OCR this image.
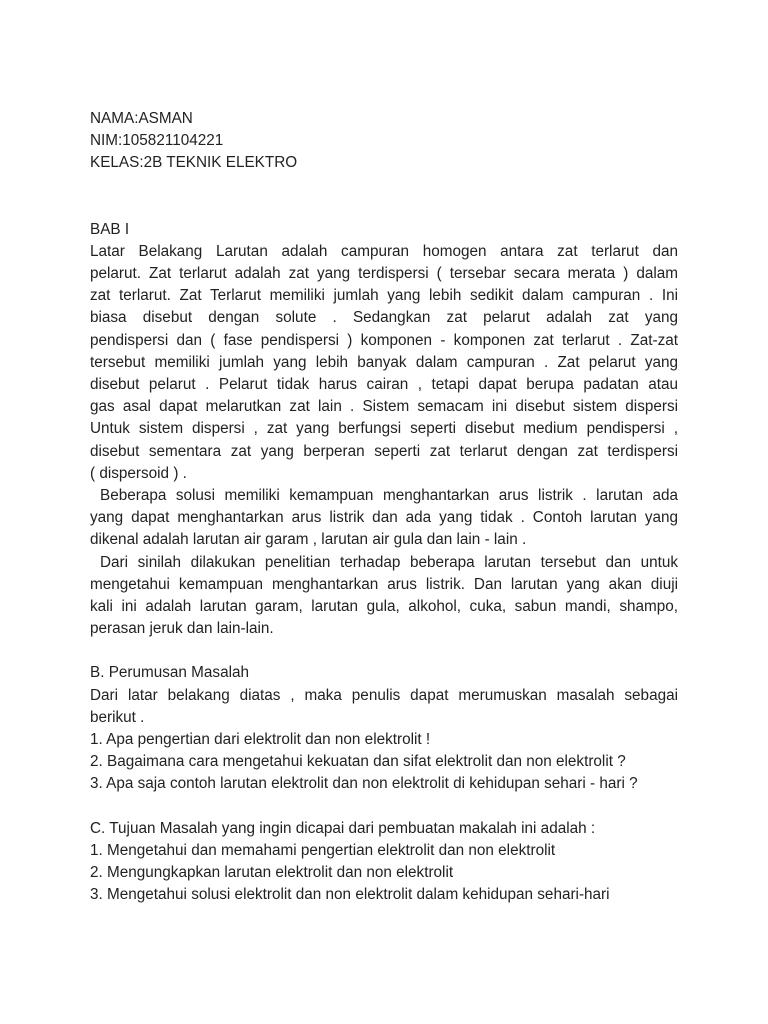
NAMA:ASMAN
NIM:105821104221
KELAS:2B TEKNIK ELEKTRO
BAB I
Latar Belakang Larutan adalah campuran homogen antara zat terlarut dan
pelarut. Zat terlarut adalah zat yang terdispersi ( tersebar secara merata ) dalam
zat terlarut. Zat Terlarut memiliki jumlah yang lebih sedikit dalam campuran . Ini
biasa disebut dengan solute . Sedangkan zat pelarut adalah zat yang
pendispersi dan ( fase pendispersi ) komponen - komponen zat terlarut . Zat-zat
tersebut memiliki jumlah yang lebih banyak dalam campuran . Zat pelarut yang
disebut pelarut . Pelarut tidak harus cairan , tetapi dapat berupa padatan atau
gas asal dapat melarutkan zat lain . Sistem semacam ini disebut sistem dispersi
Untuk sistem dispersi , zat yang berfungsi seperti disebut medium pendispersi ,
disebut sementara zat yang berperan seperti zat terlarut dengan zat terdispersi
( dispersoid ) .
Beberapa solusi memiliki kemampuan menghantarkan arus listrik . larutan ada
yang dapat menghantarkan arus listrik dan ada yang tidak . Contoh larutan yang
dikenal adalah larutan air garam , larutan air gula dan lain - lain .
Dari sinilah dilakukan penelitian terhadap beberapa larutan tersebut dan untuk
mengetahui kemampuan menghantarkan arus listrik. Dan larutan yang akan diuji
kali ini adalah larutan garam, larutan gula, alkohol, cuka, sabun mandi, shampo,
perasan jeruk dan lain-lain.
B. Perumusan Masalah
Dari latar belakang diatas , maka penulis dapat merumuskan masalah sebagai
berikut .
1. Apa pengertian dari elektrolit dan non elektrolit !
2. Bagaimana cara mengetahui kekuatan dan sifat elektrolit dan non elektrolit ?
3. Apa saja contoh larutan elektrolit dan non elektrolit di kehidupan sehari - hari ?
C. Tujuan Masalah yang ingin dicapai dari pembuatan makalah ini adalah :
1. Mengetahui dan memahami pengertian elektrolit dan non elektrolit
2. Mengungkapkan larutan elektrolit dan non elektrolit
3. Mengetahui solusi elektrolit dan non elektrolit dalam kehidupan sehari-hari
